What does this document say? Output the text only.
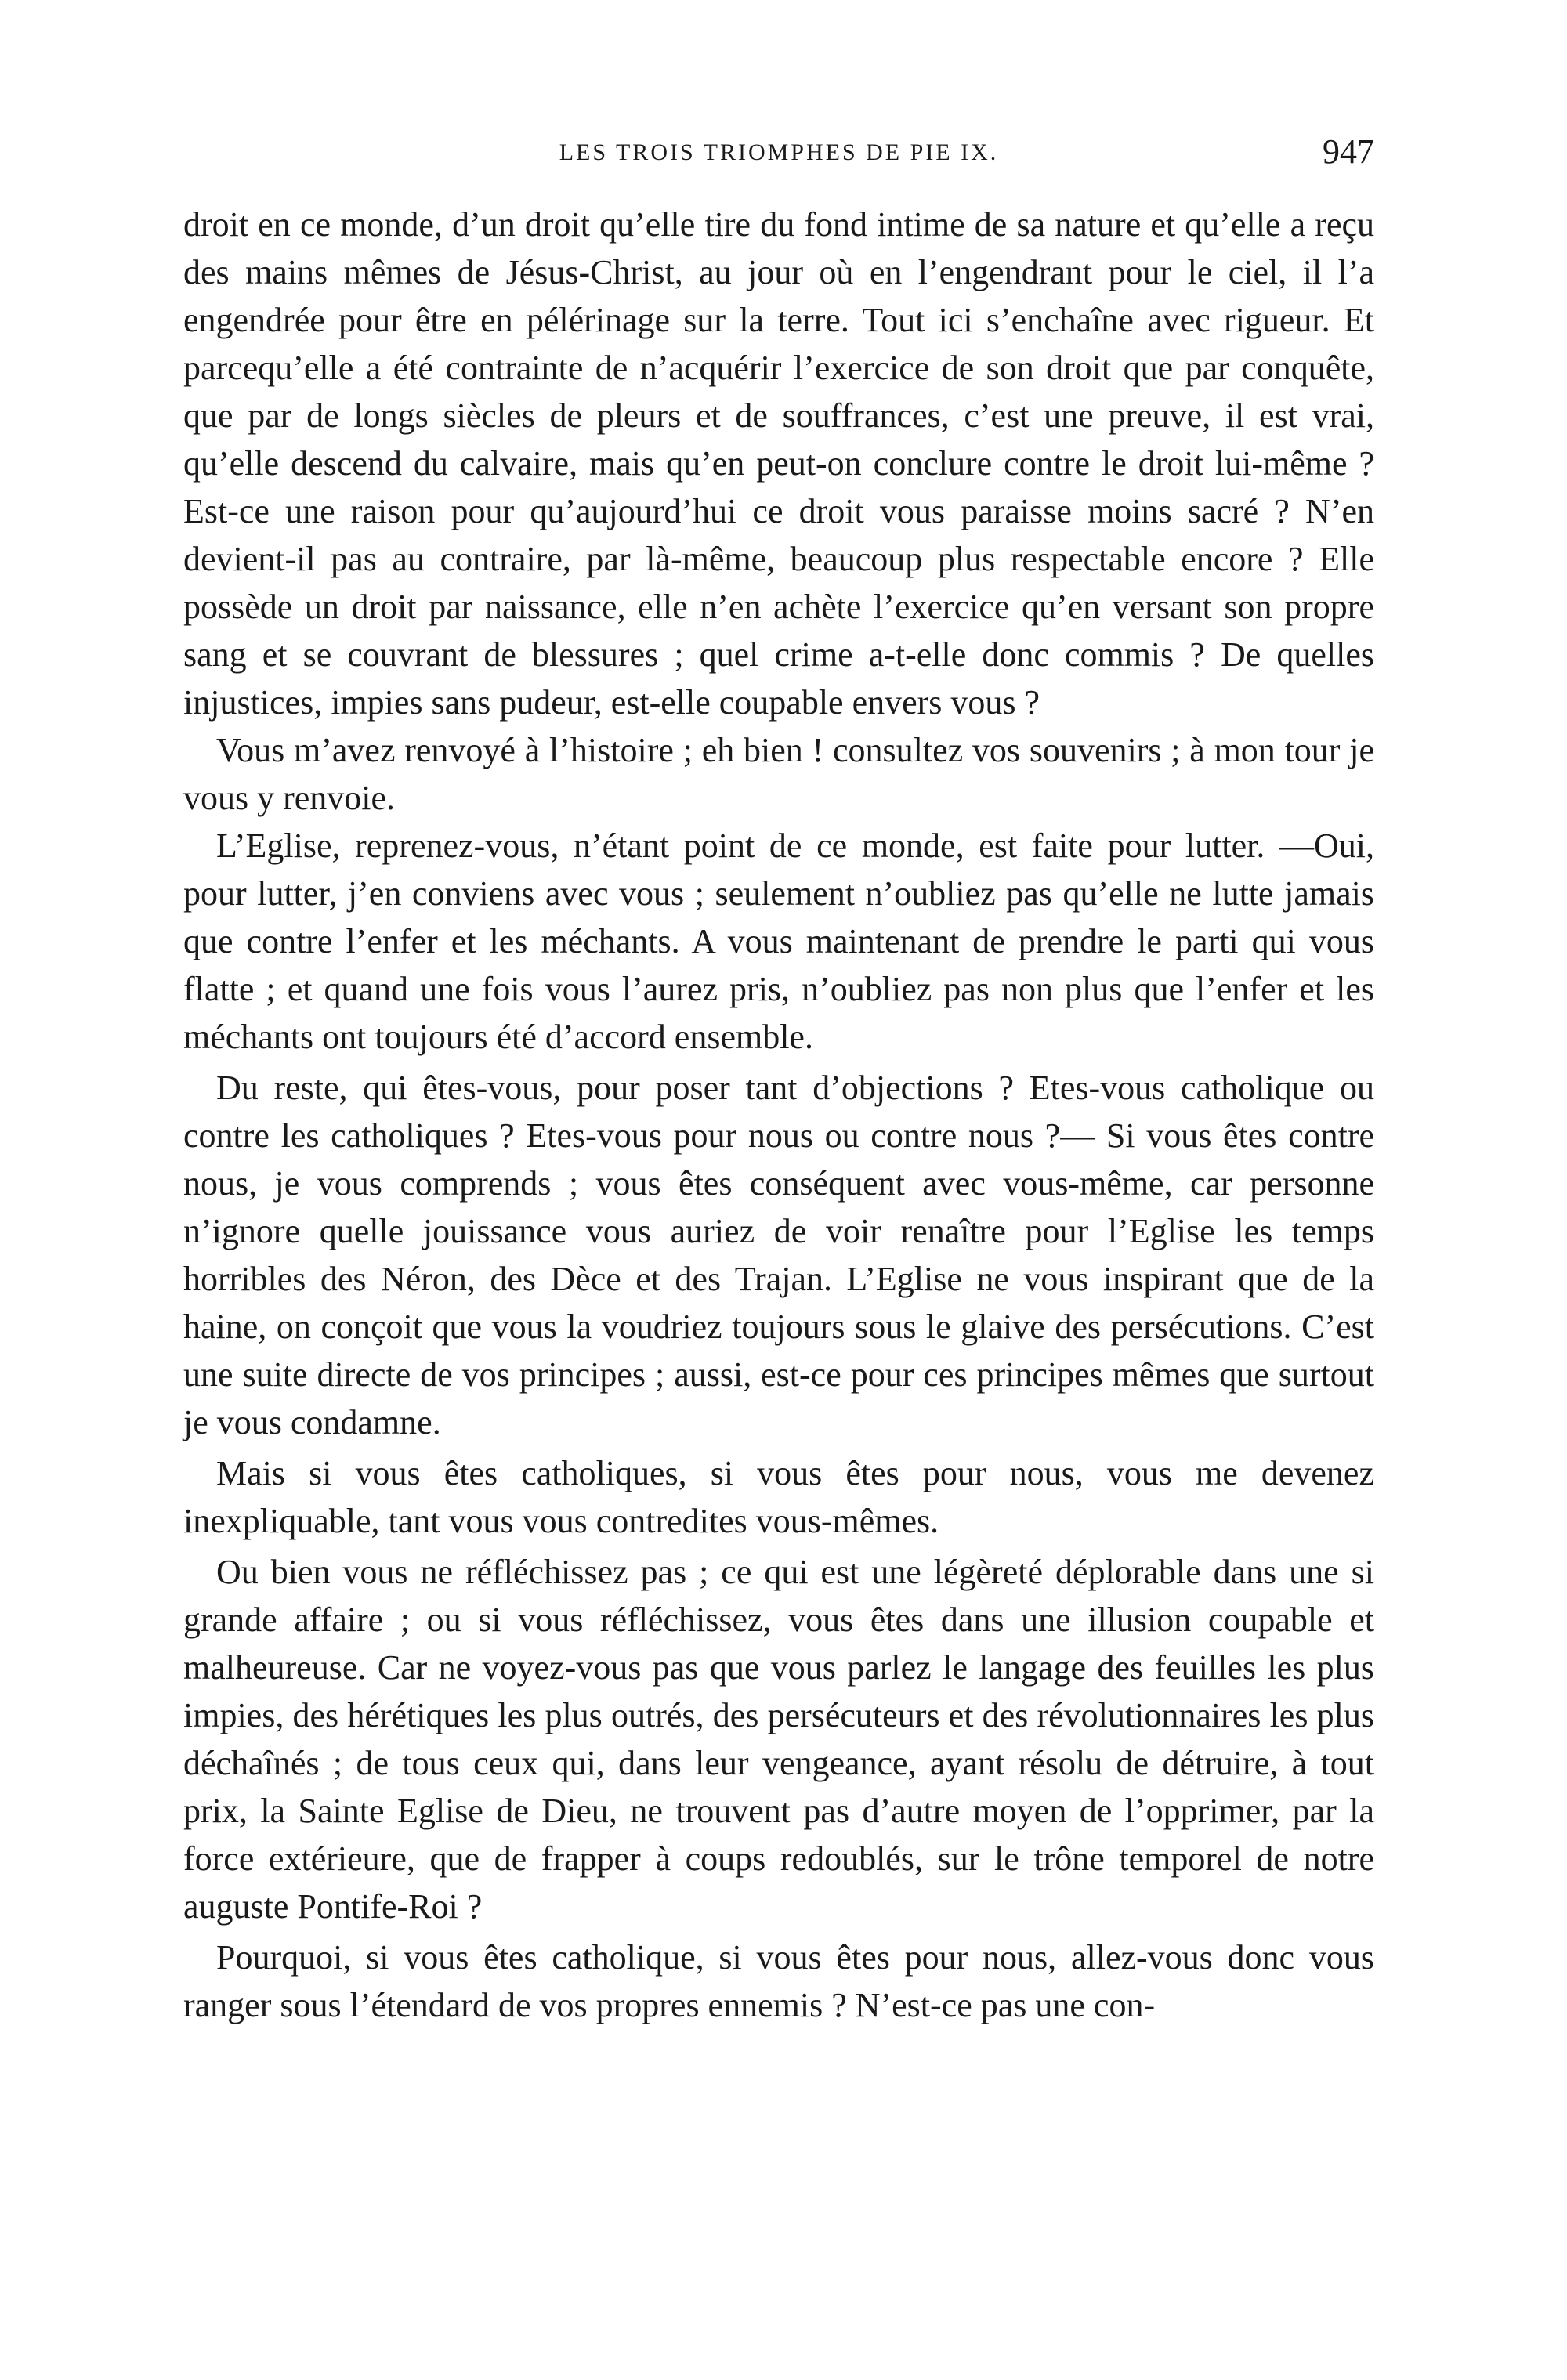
LES TROIS TRIOMPHES DE PIE IX.	947

droit en ce monde, d’un droit qu’elle tire du fond intime de sa nature et qu’elle a reçu des mains mêmes de Jésus-Christ, au jour où en l’engendrant pour le ciel, il l’a engendrée pour être en pélérinage sur la terre. Tout ici s’enchaîne avec rigueur. Et parcequ’elle a été contrainte de n’acquérir l’exercice de son droit que par conquête, que par de longs siècles de pleurs et de souffrances, c’est une preuve, il est vrai, qu’elle descend du calvaire, mais qu’en peut-on conclure contre le droit lui-même ? Est-ce une raison pour qu’aujourd’hui ce droit vous paraisse moins sacré ? N’en devient-il pas au contraire, par là-même, beaucoup plus respectable encore ? Elle possède un droit par naissance, elle n’en achète l’exercice qu’en versant son propre sang et se couvrant de blessures ; quel crime a-t-elle donc commis ? De quelles injustices, impies sans pudeur, est-elle coupable envers vous ?

Vous m’avez renvoyé à l’histoire ; eh bien ! consultez vos souvenirs ; à mon tour je vous y renvoie.

L’Eglise, reprenez-vous, n’étant point de ce monde, est faite pour lutter. —Oui, pour lutter, j’en conviens avec vous ; seulement n’oubliez pas qu’elle ne lutte jamais que contre l’enfer et les méchants. A vous maintenant de prendre le parti qui vous flatte ; et quand une fois vous l’aurez pris, n’oubliez pas non plus que l’enfer et les méchants ont toujours été d’accord ensemble.

Du reste, qui êtes-vous, pour poser tant d’objections ? Etes-vous catholique ou contre les catholiques ? Etes-vous pour nous ou contre nous ?— Si vous êtes contre nous, je vous comprends ; vous êtes conséquent avec vous-même, car personne n’ignore quelle jouissance vous auriez de voir renaître pour l’Eglise les temps horribles des Néron, des Dèce et des Trajan. L’Eglise ne vous inspirant que de la haine, on conçoit que vous la voudriez toujours sous le glaive des persécutions. C’est une suite directe de vos principes ; aussi, est-ce pour ces principes mêmes que surtout je vous condamne.

Mais si vous êtes catholiques, si vous êtes pour nous, vous me devenez inexpliquable, tant vous vous contredites vous-mêmes.

Ou bien vous ne réfléchissez pas ; ce qui est une légèreté déplorable dans une si grande affaire ; ou si vous réfléchissez, vous êtes dans une illusion coupable et malheureuse. Car ne voyez-vous pas que vous parlez le langage des feuilles les plus impies, des hérétiques les plus outrés, des persécuteurs et des révolutionnaires les plus déchaînés ; de tous ceux qui, dans leur vengeance, ayant résolu de détruire, à tout prix, la Sainte Eglise de Dieu, ne trouvent pas d’autre moyen de l’opprimer, par la force extérieure, que de frapper à coups redoublés, sur le trône temporel de notre auguste Pontife-Roi ?

Pourquoi, si vous êtes catholique, si vous êtes pour nous, allez-vous donc vous ranger sous l’étendard de vos propres ennemis ? N’est-ce pas une con-
